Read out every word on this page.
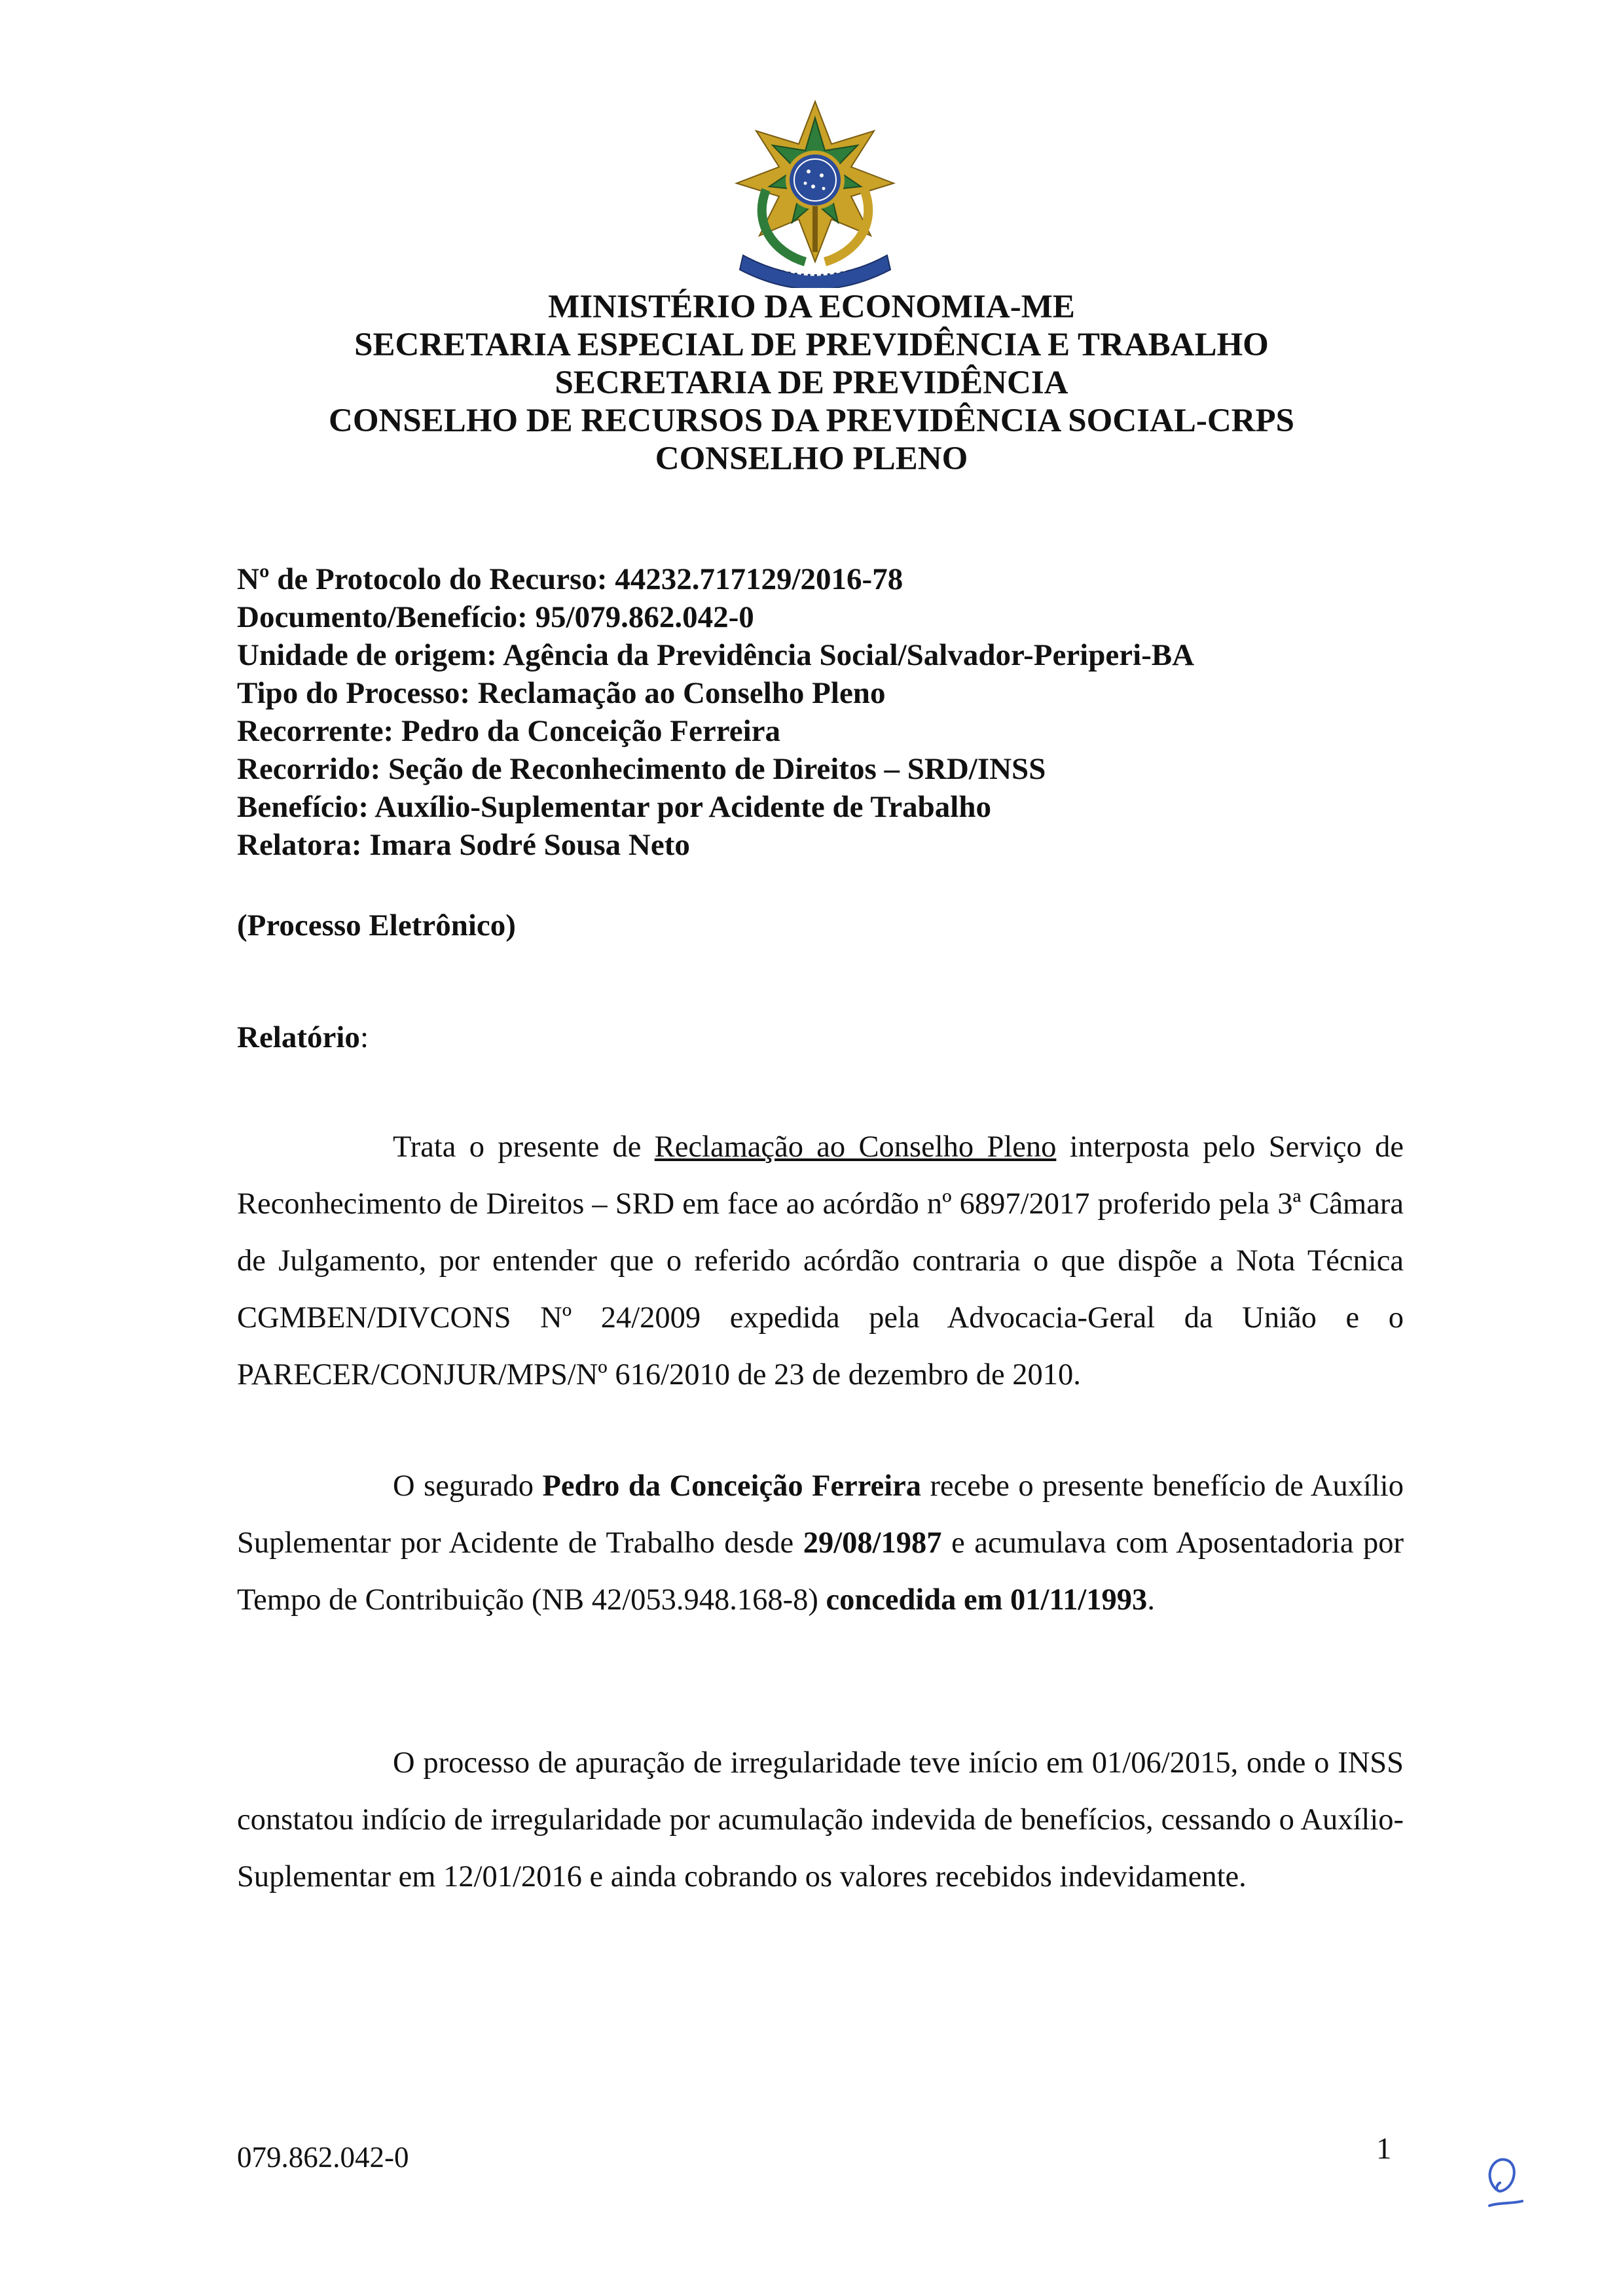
MINISTÉRIO DA ECONOMIA-ME
SECRETARIA ESPECIAL DE PREVIDÊNCIA E TRABALHO
SECRETARIA DE PREVIDÊNCIA
CONSELHO DE RECURSOS DA PREVIDÊNCIA SOCIAL-CRPS
CONSELHO PLENO
Nº de Protocolo do Recurso: 44232.717129/2016-78
Documento/Benefício: 95/079.862.042-0
Unidade de origem: Agência da Previdência Social/Salvador-Periperi-BA
Tipo do Processo: Reclamação ao Conselho Pleno
Recorrente: Pedro da Conceição Ferreira
Recorrido: Seção de Reconhecimento de Direitos – SRD/INSS
Benefício: Auxílio-Suplementar por Acidente de Trabalho
Relatora: Imara Sodré Sousa Neto
(Processo Eletrônico)
Relatório:
Trata o presente de Reclamação ao Conselho Pleno interposta pelo Serviço de Reconhecimento de Direitos – SRD em face ao acórdão nº 6897/2017 proferido pela 3ª Câmara de Julgamento, por entender que o referido acórdão contraria o que dispõe a Nota Técnica CGMBEN/DIVCONS Nº 24/2009 expedida pela Advocacia-Geral da União e o PARECER/CONJUR/MPS/Nº 616/2010 de 23 de dezembro de 2010.
O segurado Pedro da Conceição Ferreira recebe o presente benefício de Auxílio Suplementar por Acidente de Trabalho desde 29/08/1987 e acumulava com Aposentadoria por Tempo de Contribuição (NB 42/053.948.168-8) concedida em 01/11/1993.
O processo de apuração de irregularidade teve início em 01/06/2015, onde o INSS constatou indício de irregularidade por acumulação indevida de benefícios, cessando o Auxílio-Suplementar em 12/01/2016 e ainda cobrando os valores recebidos indevidamente.
079.862.042-0	1
